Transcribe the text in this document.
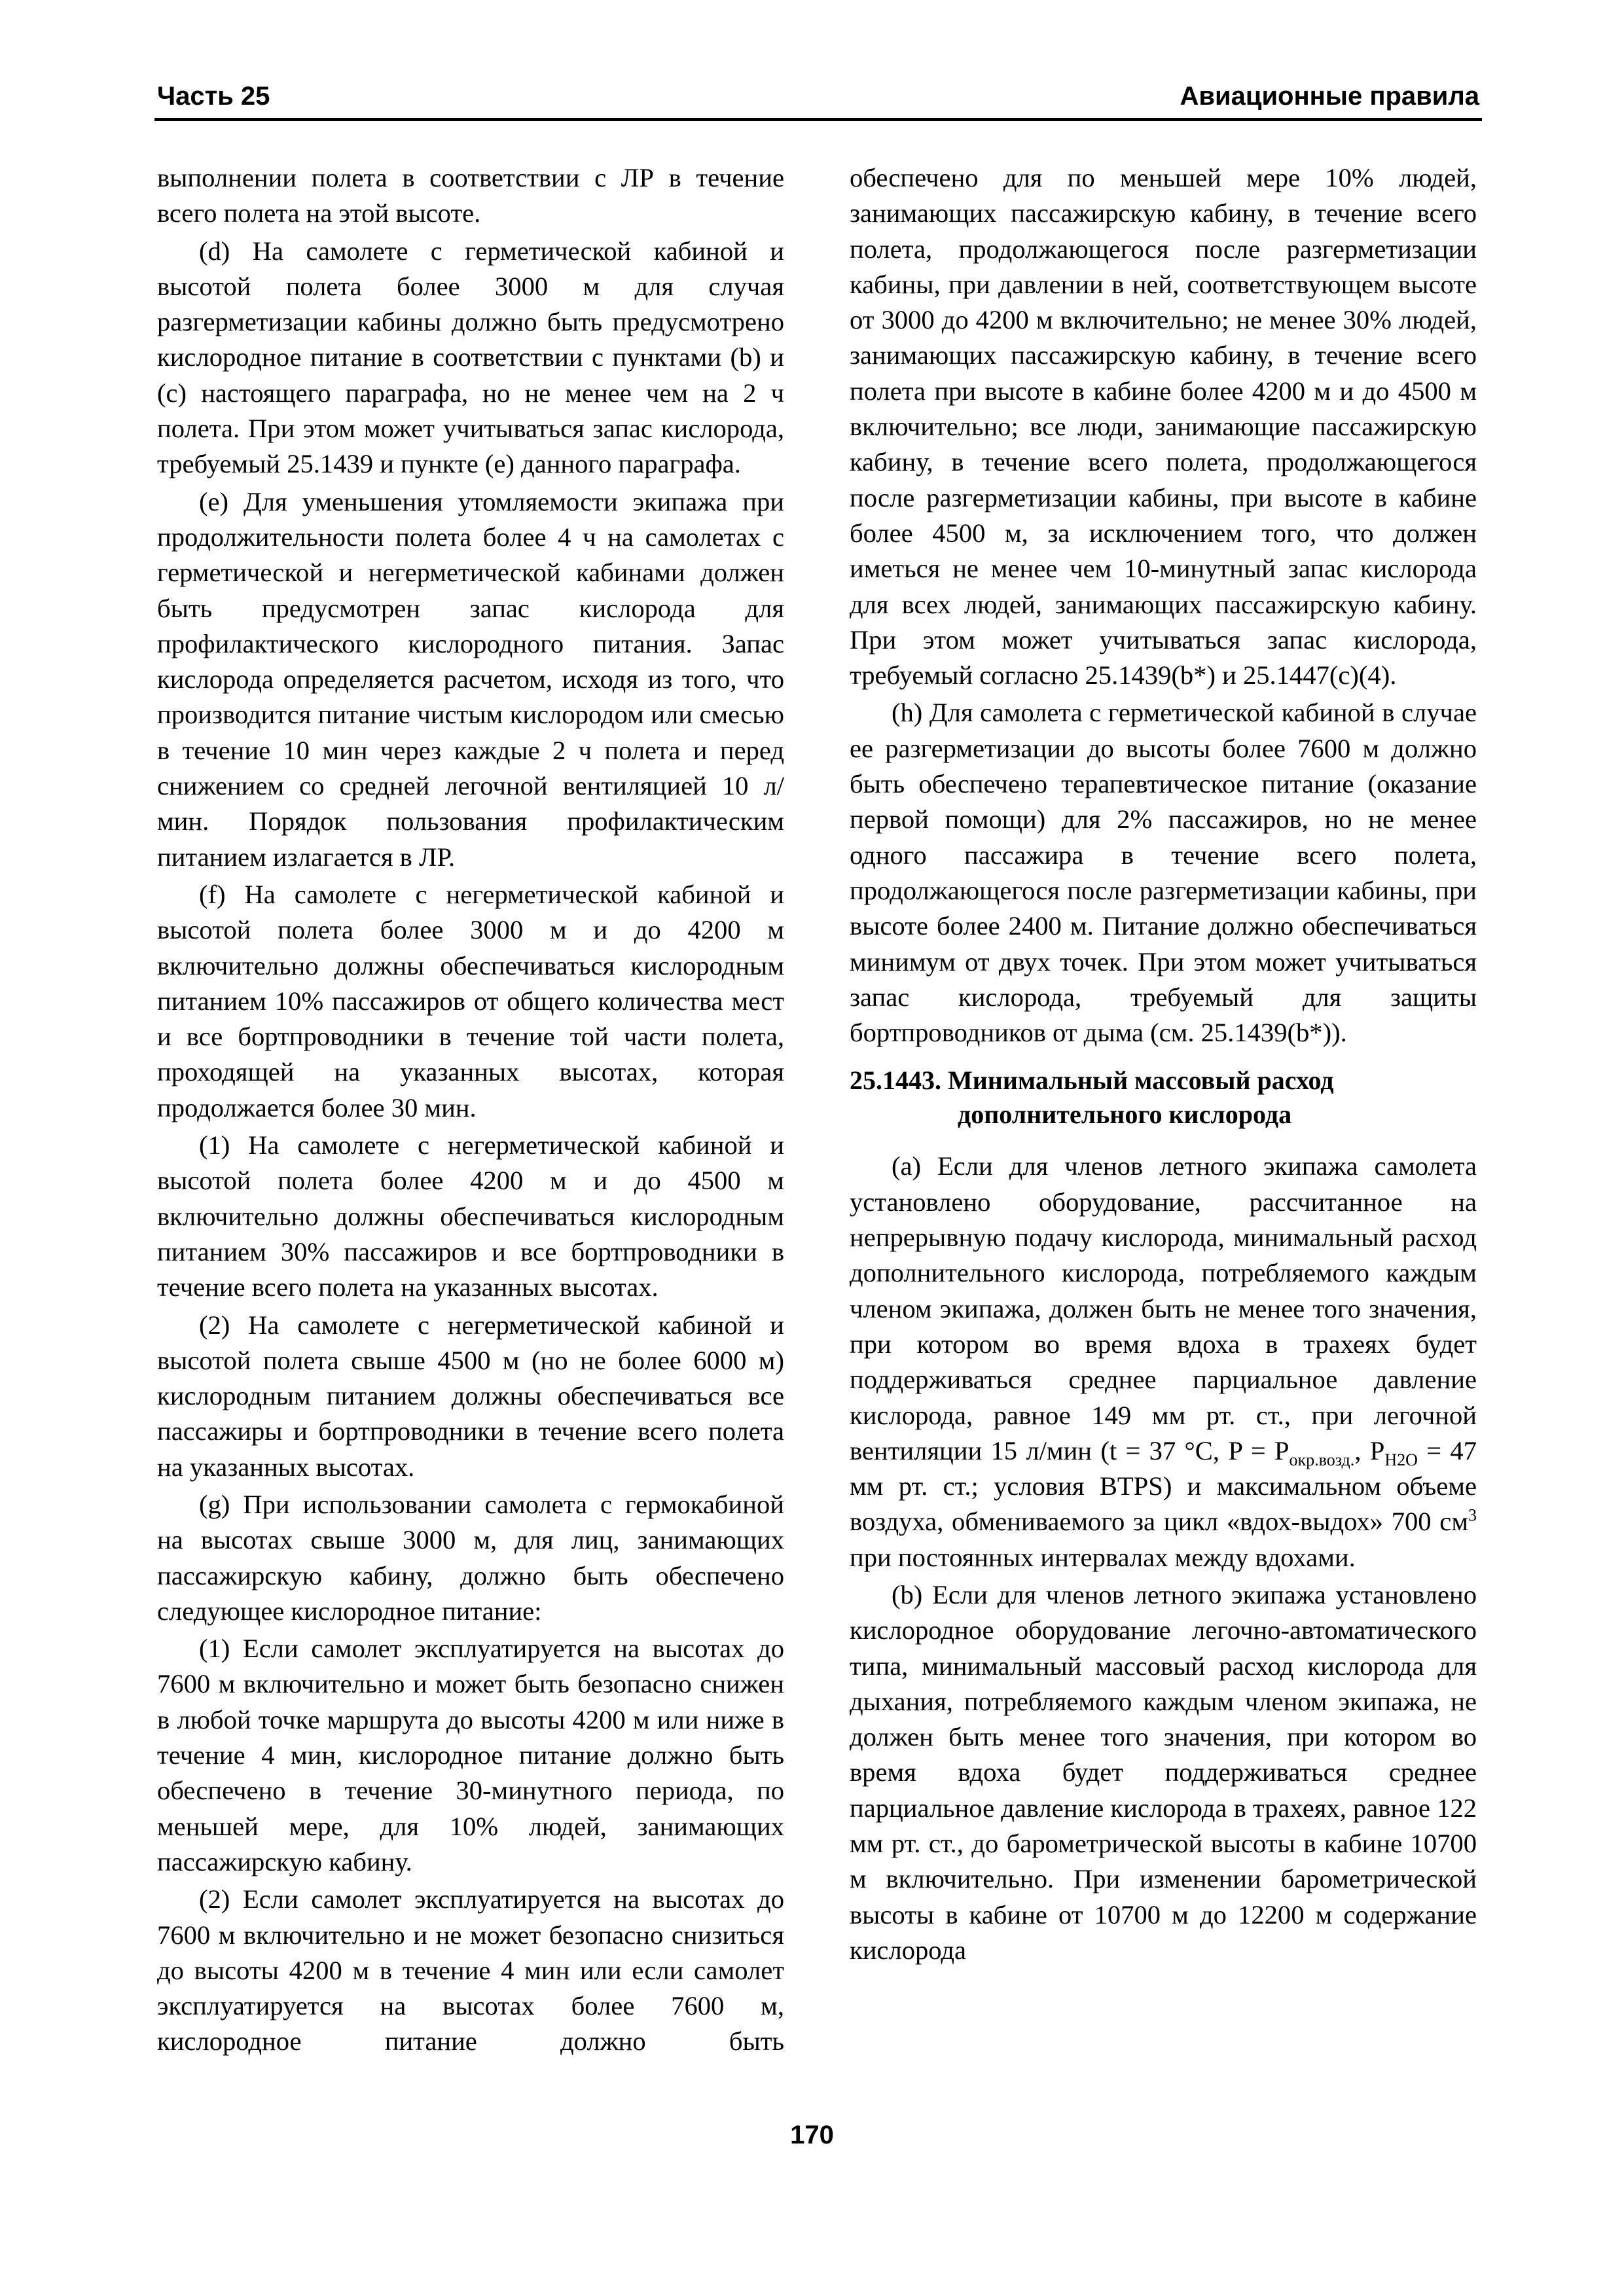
Часть 25	Авиационные правила

выполнении полета в соответствии с ЛР в течение всего полета на этой высоте.

(d) На самолете с герметической кабиной и высотой полета более 3000 м для случая разгерметизации кабины должно быть предусмотрено кислородное питание в соответствии с пунктами (b) и (c) настоящего параграфа, но не менее чем на 2 ч полета. При этом может учитываться запас кислорода, требуемый 25.1439 и пункте (e) данного параграфа.

(e) Для уменьшения утомляемости экипажа при продолжительности полета более 4 ч на самолетах с герметической и негерметической кабинами должен быть предусмотрен запас кислорода для профилактического кислородного питания. Запас кислорода определяется расчетом, исходя из того, что производится питание чистым кислородом или смесью в течение 10 мин через каждые 2 ч полета и перед снижением со средней легочной вентиляцией 10 л/мин. Порядок пользования профилактическим питанием излагается в ЛР.

(f) На самолете с негерметической кабиной и высотой полета более 3000 м и до 4200 м включительно должны обеспечиваться кислородным питанием 10% пассажиров от общего количества мест и все бортпроводники в течение той части полета, проходящей на указанных высотах, которая продолжается более 30 мин.

(1) На самолете с негерметической кабиной и высотой полета более 4200 м и до 4500 м включительно должны обеспечиваться кислородным питанием 30% пассажиров и все бортпроводники в течение всего полета на указанных высотах.

(2) На самолете с негерметической кабиной и высотой полета свыше 4500 м (но не более 6000 м) кислородным питанием должны обеспечиваться все пассажиры и бортпроводники в течение всего полета на указанных высотах.

(g) При использовании самолета с гермокабиной на высотах свыше 3000 м, для лиц, занимающих пассажирскую кабину, должно быть обеспечено следующее кислородное питание:

(1) Если самолет эксплуатируется на высотах до 7600 м включительно и может быть безопасно снижен в любой точке маршрута до высоты 4200 м или ниже в течение 4 мин, кислородное питание должно быть обеспечено в течение 30-минутного периода, по меньшей мере, для 10% людей, занимающих пассажирскую кабину.

(2) Если самолет эксплуатируется на высотах до 7600 м включительно и не может безопасно снизиться до высоты 4200 м в течение 4 мин или если самолет эксплуатируется на высотах более 7600 м, кислородное питание должно быть

обеспечено для по меньшей мере 10% людей, занимающих пассажирскую кабину, в течение всего полета, продолжающегося после разгерметизации кабины, при давлении в ней, соответствующем высоте от 3000 до 4200 м включительно; не менее 30% людей, занимающих пассажирскую кабину, в течение всего полета при высоте в кабине более 4200 м и до 4500 м включительно; все люди, занимающие пассажирскую кабину, в течение всего полета, продолжающегося после разгерметизации кабины, при высоте в кабине более 4500 м, за исключением того, что должен иметься не менее чем 10-минутный запас кислорода для всех людей, занимающих пассажирскую кабину. При этом может учитываться запас кислорода, требуемый согласно 25.1439(b*) и 25.1447(c)(4).

(h) Для самолета с герметической кабиной в случае ее разгерметизации до высоты более 7600 м должно быть обеспечено терапевтическое питание (оказание первой помощи) для 2% пассажиров, но не менее одного пассажира в течение всего полета, продолжающегося после разгерметизации кабины, при высоте более 2400 м. Питание должно обеспечиваться минимум от двух точек. При этом может учитываться запас кислорода, требуемый для защиты бортпроводников от дыма (см. 25.1439(b*)).

25.1443. Минимальный массовый расход
дополнительного кислорода

(a) Если для членов летного экипажа самолета установлено оборудование, рассчитанное на непрерывную подачу кислорода, минимальный расход дополнительного кислорода, потребляемого каждым членом экипажа, должен быть не менее того значения, при котором во время вдоха в трахеях будет поддерживаться среднее парциальное давление кислорода, равное 149 мм рт. ст., при легочной вентиляции 15 л/мин (t = 37 °C, $P = P_{окр.возд.}$, $P_{H2O} = 47$ мм рт. ст.; условия BTPS) и максимальном объеме воздуха, обмениваемого за цикл «вдох-выдох» 700 $см^3$ при постоянных интервалах между вдохами.

(b) Если для членов летного экипажа установлено кислородное оборудование легочно-автоматического типа, минимальный массовый расход кислорода для дыхания, потребляемого каждым членом экипажа, не должен быть менее того значения, при котором во время вдоха будет поддерживаться среднее парциальное давление кислорода в трахеях, равное 122 мм рт. ст., до барометрической высоты в кабине 10700 м включительно. При изменении барометрической высоты в кабине от 10700 м до 12200 м содержание кислорода

170
